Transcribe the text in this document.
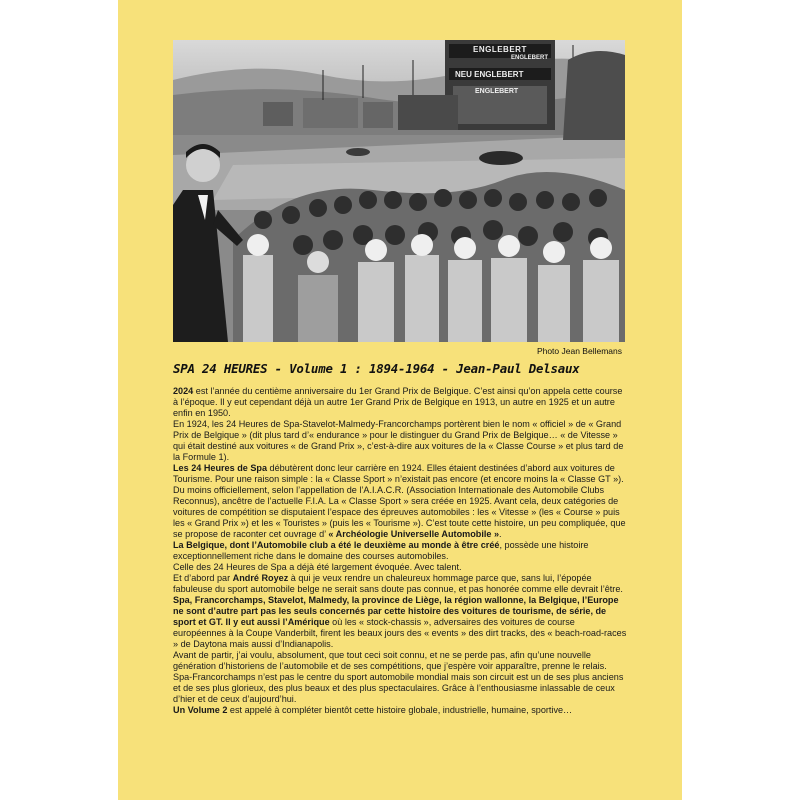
ENGLEBERT
ENGLEBERT
NEU ENGLEBERT
ENGLEBERT
Photo Jean Bellemans
SPA 24 HEURES - Volume 1 : 1894-1964 - Jean-Paul Delsaux

2024 est l’année du centième anniversaire du 1er Grand Prix de Belgique. C’est ainsi qu’on appela cette course à l’époque. Il y eut cependant déjà un autre 1er Grand Prix de Belgique en 1913, un autre en 1925 et un autre enfin en 1950.

En 1924, les 24 Heures de Spa-Stavelot-Malmedy-Francorchamps portèrent bien le nom « officiel » de « Grand Prix de Belgique » (dit plus tard d’« endurance » pour le distinguer du Grand Prix de Belgique… « de Vitesse » qui était destiné aux voitures « de Grand Prix », c’est-à-dire aux voitures de la « Classe Course » et plus tard de la Formule 1).

Les 24 Heures de Spa débutèrent donc leur carrière en 1924. Elles étaient destinées d’abord aux voitures de Tourisme. Pour une raison simple : la « Classe Sport » n’existait pas encore (et encore moins la « Classe GT »). Du moins officiellement, selon l’appellation de l’A.I.A.C.R. (Association Internationale des Automobile Clubs Reconnus), ancêtre de l’actuelle F.I.A. La « Classe Sport » sera créée en 1925. Avant cela, deux catégories de voitures de compétition se disputaient l’espace des épreuves automobiles : les « Vitesse » (les « Course » puis les « Grand Prix ») et les « Touristes » (puis les « Tourisme »). C’est toute cette histoire, un peu compliquée, que se propose de raconter cet ouvrage d’ « Archéologie Universelle Automobile ».

La Belgique, dont l’Automobile club a été le deuxième au monde à être créé, possède une histoire exceptionnellement riche dans le domaine des courses automobiles.

Celle des 24 Heures de Spa a déjà été largement évoquée. Avec talent.

Et d’abord par André Royez à qui je veux rendre un chaleureux hommage parce que, sans lui, l’épopée fabuleuse du sport automobile belge ne serait sans doute pas connue, et pas honorée comme elle devrait l’être.

Spa, Francorchamps, Stavelot, Malmedy, la province de Liège, la région wallonne, la Belgique, l’Europe ne sont d’autre part pas les seuls concernés par cette histoire des voitures de tourisme, de série, de sport et GT. Il y eut aussi l’Amérique où les « stock-chassis », adversaires des voitures de course européennes à la Coupe Vanderbilt, firent les beaux jours des « events » des dirt tracks, des « beach-road-races » de Daytona mais aussi d’Indianapolis.

Avant de partir, j’ai voulu, absolument, que tout ceci soit connu, et ne se perde pas, afin qu’une nouvelle génération d’historiens de l’automobile et de ses compétitions, que j’espère voir apparaître, prenne le relais. Spa-Francorchamps n’est pas le centre du sport automobile mondial mais son circuit est un de ses plus anciens et de ses plus glorieux, des plus beaux et des plus spectaculaires. Grâce à l’enthousiasme inlassable de ceux d’hier et de ceux d’aujourd’hui.

Un Volume 2 est appelé à compléter bientôt cette histoire globale, industrielle, humaine, sportive…
